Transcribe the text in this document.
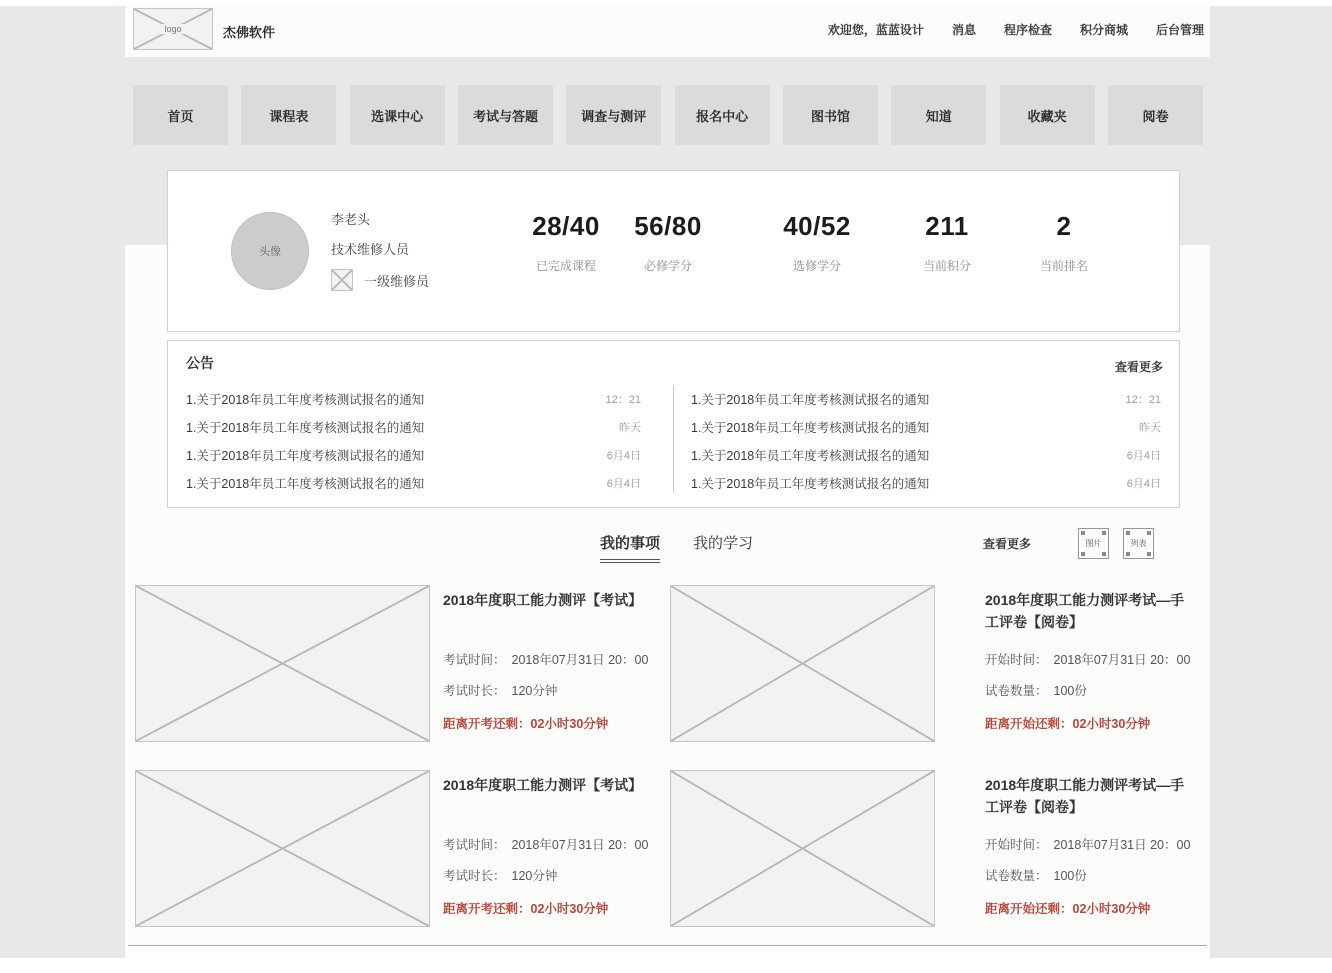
logo	杰佛软件	欢迎您，蓝蓝设计 消息 程序检查 积分商城 后台管理
首页	课程表	选课中心	考试与答题	调查与测评	报名中心	图书馆	知道	收藏夹	阅卷
头像
李老头
技术维修人员
一级维修员
28/40
已完成课程
56/80
必修学分
40/52
选修学分
211
当前积分
2
当前排名
公告	查看更多
1.关于2018年员工年度考核测试报名的通知	12：21
1.关于2018年员工年度考核测试报名的通知	昨天
1.关于2018年员工年度考核测试报名的通知	6月4日
1.关于2018年员工年度考核测试报名的通知	6月4日
1.关于2018年员工年度考核测试报名的通知	12：21
1.关于2018年员工年度考核测试报名的通知	昨天
1.关于2018年员工年度考核测试报名的通知	6月4日
1.关于2018年员工年度考核测试报名的通知	6月4日
我的事项 我的学习	查看更多	图片	列表
2018年度职工能力测评【考试】
考试时间： 2018年07月31日 20：00
考试时长： 120分钟
距离开考还剩：02小时30分钟
2018年度职工能力测评考试—手工评卷【阅卷】
开始时间： 2018年07月31日 20：00
试卷数量： 100份
距离开始还剩：02小时30分钟
2018年度职工能力测评【考试】
考试时间： 2018年07月31日 20：00
考试时长： 120分钟
距离开考还剩：02小时30分钟
2018年度职工能力测评考试—手工评卷【阅卷】
开始时间： 2018年07月31日 20：00
试卷数量： 100份
距离开始还剩：02小时30分钟
